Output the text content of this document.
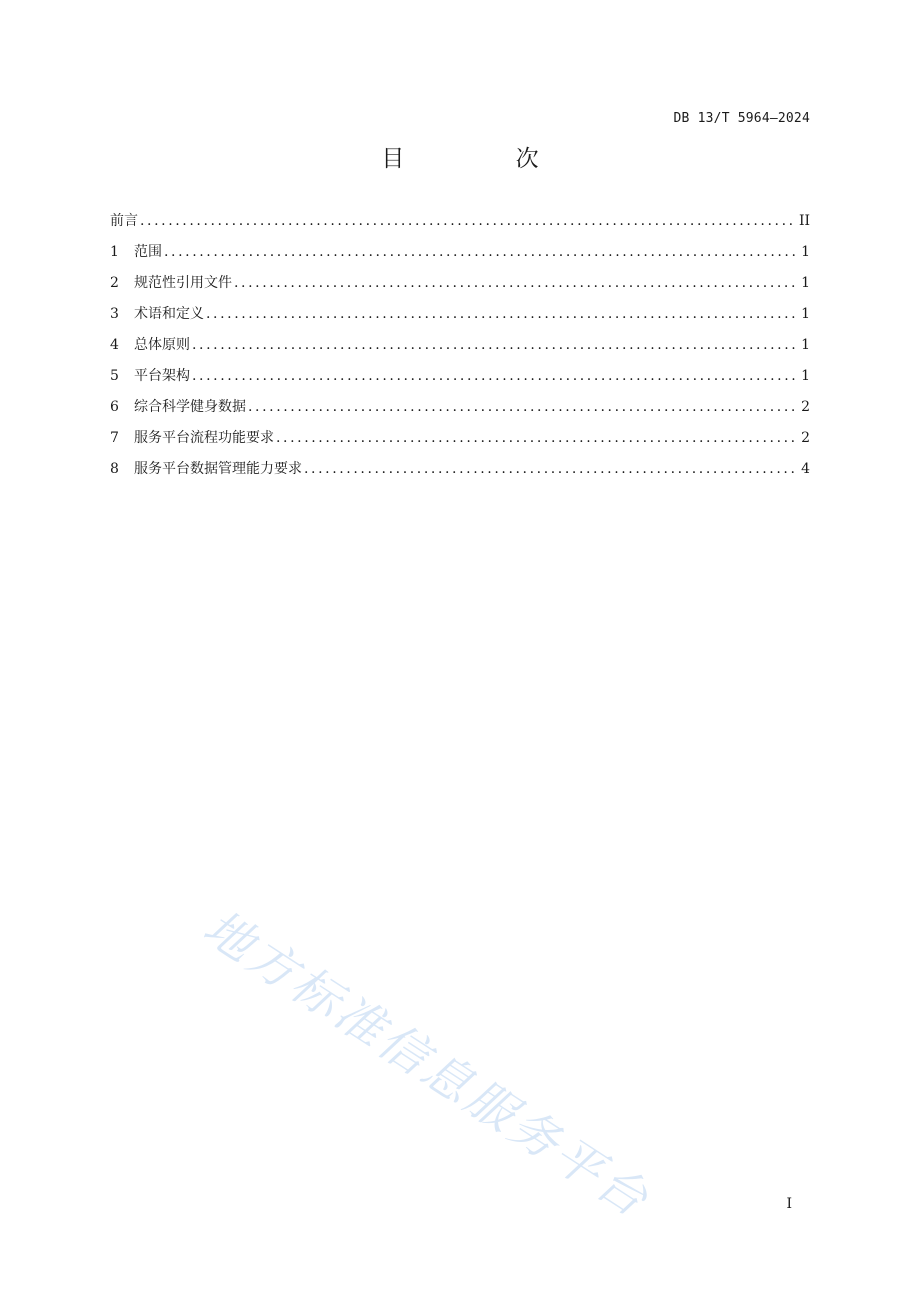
DB 13/T 5964—2024
目 次
前言 .....	II
1	范围 .....	1
2	规范性引用文件 .....	1
3	术语和定义 .....	1
4	总体原则 .....	1
5	平台架构 .....	1
6	综合科学健身数据 .....	2
7	服务平台流程功能要求 .....	2
8	服务平台数据管理能力要求 .....	4
地方标准信息服务平台	I
